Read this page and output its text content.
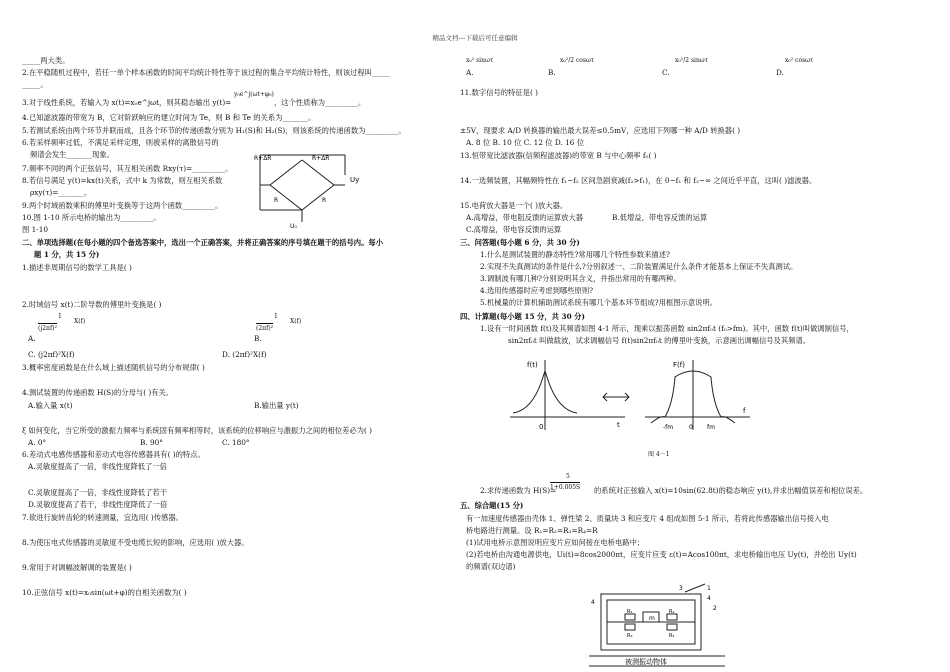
精品文档---下载后可任意编辑
_____两大类。
2.在平稳随机过程中，若任一单个样本函数的时间平均统计特性等于该过程的集合平均统计特性，则该过程叫_____
_____。
y₀e^j(ωt+φ₀)
3.对于线性系统，若输入为 x(t)=x₀e^jωt，则其稳态输出 y(t)=	，这个性质称为_________。
4.已知滤波器的带宽为 B，它对阶跃响应的建立时间为 Te，则 B 和 Te 的关系为_______。
5.若测试系统由两个环节并联而成，且各个环节的传递函数分别为 H₁(S)和 H₂(S)，则该系统的传递函数为_________。
6.若采样频率过低，不满足采样定理，则被采样的离散信号的
频谱会发生_______现象。
7.频率不同的两个正弦信号，其互相关函数 Rxy(τ)=_________。
8.若信号满足 y(t)=kx(t)关系，式中 k 为常数，则互相关系数
ρxy(τ)=_______。
9.两个时域函数乘积的傅里叶变换等于这两个函数_________。
10.图 1-10 所示电桥的输出为_________。
图 1-10
二、单项选择题(在每小题的四个备选答案中，选出一个正确答案，并将正确答案的序号填在题干的括号内。每小
题 1 分，共 15 分)
1.描述非周期信号的数学工具是( )
2.时域信号 x(t)二阶导数的傅里叶变换是( )
1
(j2πf)²
X(f)
1
(2πf)²
X(f)
A.	B.
C. (j2πf)²X(f)	D. (2πf)²X(f)
3.概率密度函数是在什么域上描述随机信号的分布规律( )
4.测试装置的传递函数 H(S)的分母与( )有关。
A.输入量 x(t)	B.输出量 y(t)
ξ 如何变化，当它所受的激振力频率与系统固有频率相等时，该系统的位移响应与激振力之间的相位差必为( )
A. 0°	B. 90°	C. 180°
6.差动式电感传感器和差动式电容传感器具有( )的特点。
A.灵敏度提高了一倍，非线性度降低了一倍
C.灵敏度提高了一倍，非线性度降低了若干
D.灵敏度提高了若干，非线性度降低了一倍
7.欲进行旋转齿轮的转速测量，宜选用( )传感器。
8.为使压电式传感器的灵敏度不受电缆长短的影响，应选用( )放大器。
9.常用于对调幅波解调的装置是( )
10.正弦信号 x(t)=x₀sin(ωt+φ)的自相关函数为( )
R+ΔR	R+ΔR
R	R
U₀
Uy
x₀² sinωτ	x₀²/2 cosωτ	x₀²/2 sinωτ	x₀² cosωτ
A.	B.	C.	D.
11.数字信号的特征是( )
±5V，现要求 A/D 转换器的输出最大误差≤0.5mV，应选用下列哪一种 A/D 转换器( )
A. 8 位 B. 10 位 C. 12 位 D. 16 位
13.恒带宽比滤波器(信频程滤波器)的带宽 B 与中心频率 f₀( )
14.一选频装置，其幅频特性在 f₁~f₂ 区间急剧衰减(f₂>f₁)，在 0~f₁ 和 f₂~∞ 之间近乎平直，这叫( )滤波器。
15.电荷放大器是一个( )放大器。
A.高增益，带电阻反馈的运算放大器	B.低增益，带电容反馈的运算
C.高增益，带电容反馈的运算
三、问答题(每小题 6 分，共 30 分)
1.什么是测试装置的静态特性?常用哪几个特性参数来描述?
2.实现不失真测试的条件是什么?分别叙述一、二阶装置满足什么条件才能基本上保证不失真测试。
3.调制波有哪几种?分别说明其含义，并指出常用的有哪两种。
4.选用传感器时应考虑到哪些原则?
5.机械量的计算机辅助测试系统有哪几个基本环节组成?用框图示意说明。
四、计算题(每小题 15 分，共 30 分)
1.设有一时间函数 f(t)及其频谱如图 4-1 所示，现乘以振荡函数 sin2πf₀t (f₀>fm)。其中，函数 f(t)叫做调制信号，
sin2πf₀t 叫做载波，试求调幅信号 f(t)sin2πf₀t 的傅里叶变换，示意画出调幅信号及其频谱。
图 4－1
5
1+0.005S
2.求传递函数为 H(S)=	的系统对正弦输入 x(t)=10sin(62.8t)的稳态响应 y(t),并求出幅值误差和相位误差。
五、综合题(15 分)
有一加速度传感器由壳体 1、弹性梁 2、质量块 3 和应变片 4 组成如图 5-1 所示，若将此传感器输出信号接入电
桥电路进行测量。设 R₁=R₂=R₃=R₄=R
(1)试用电桥示意图说明应变片应如何接在电桥电路中；
(2)若电桥由沟通电源供电，Ui(t)=8cos2000πt，应变片应变 ε(t)=Acos100πt，求电桥输出电压 Uy(t)，并绘出 Uy(t)
的频谱(双边谱)
f(t)
t
0
F(f)
f
-fm	0 fm
m
R₁	R₂
R₃	R₄
1
4
3
2
4
被测振动物体
